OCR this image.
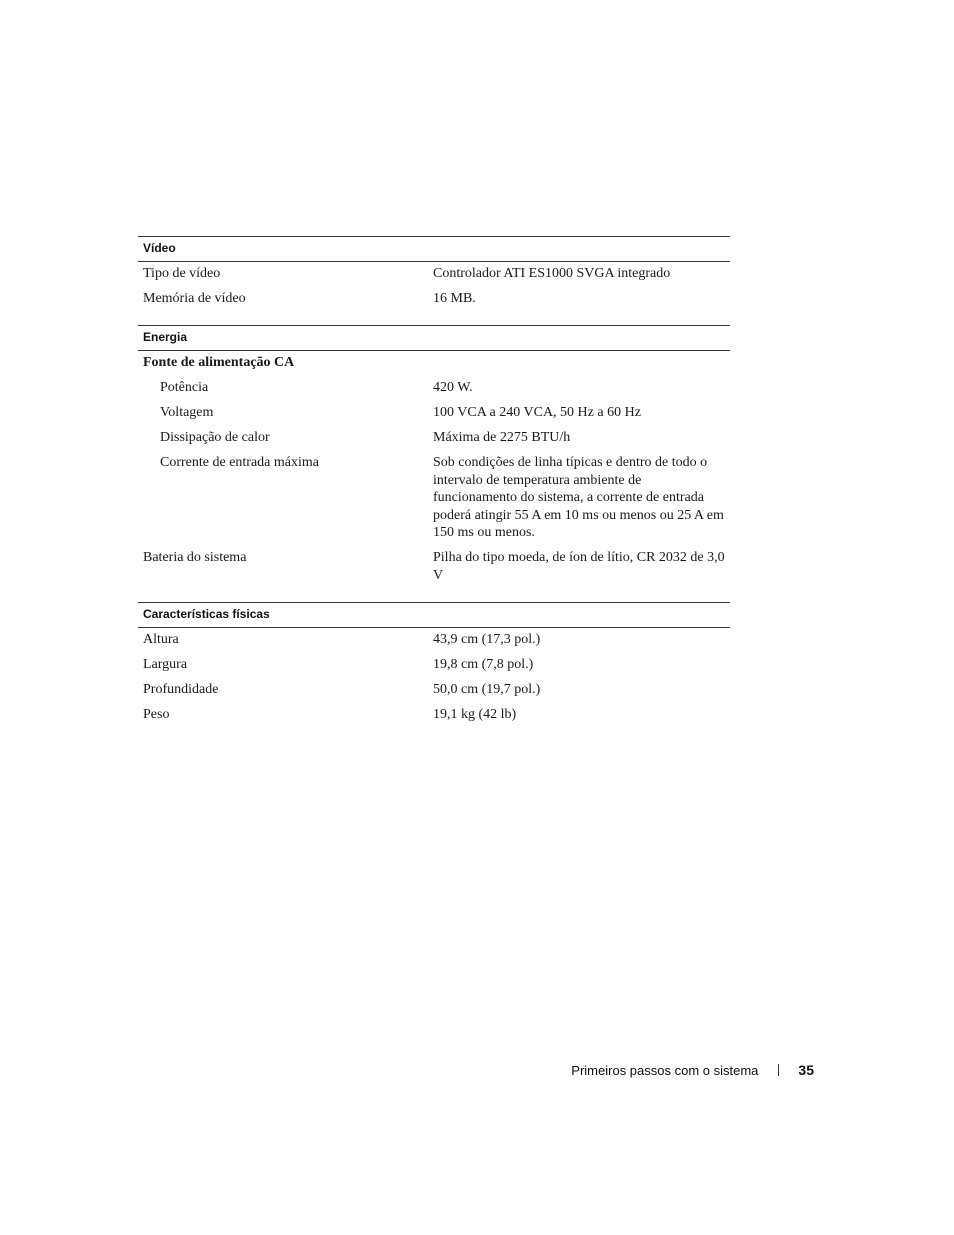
Vídeo
Tipo de vídeo	Controlador ATI ES1000 SVGA integrado
Memória de vídeo	16 MB.
Energia
Fonte de alimentação CA
Potência	420 W.
Voltagem	100 VCA a 240 VCA, 50 Hz a 60 Hz
Dissipação de calor	Máxima de 2275 BTU/h
Corrente de entrada máxima	Sob condições de linha típicas e dentro de todo o intervalo de temperatura ambiente de funcionamento do sistema, a corrente de entrada poderá atingir 55 A em 10 ms ou menos ou 25 A em 150 ms ou menos.
Bateria do sistema	Pilha do tipo moeda, de íon de lítio, CR 2032 de 3,0 V
Características físicas
Altura	43,9 cm (17,3 pol.)
Largura	19,8 cm (7,8 pol.)
Profundidade	50,0 cm (19,7 pol.)
Peso	19,1 kg (42 lb)
Primeiros passos com o sistema	35
